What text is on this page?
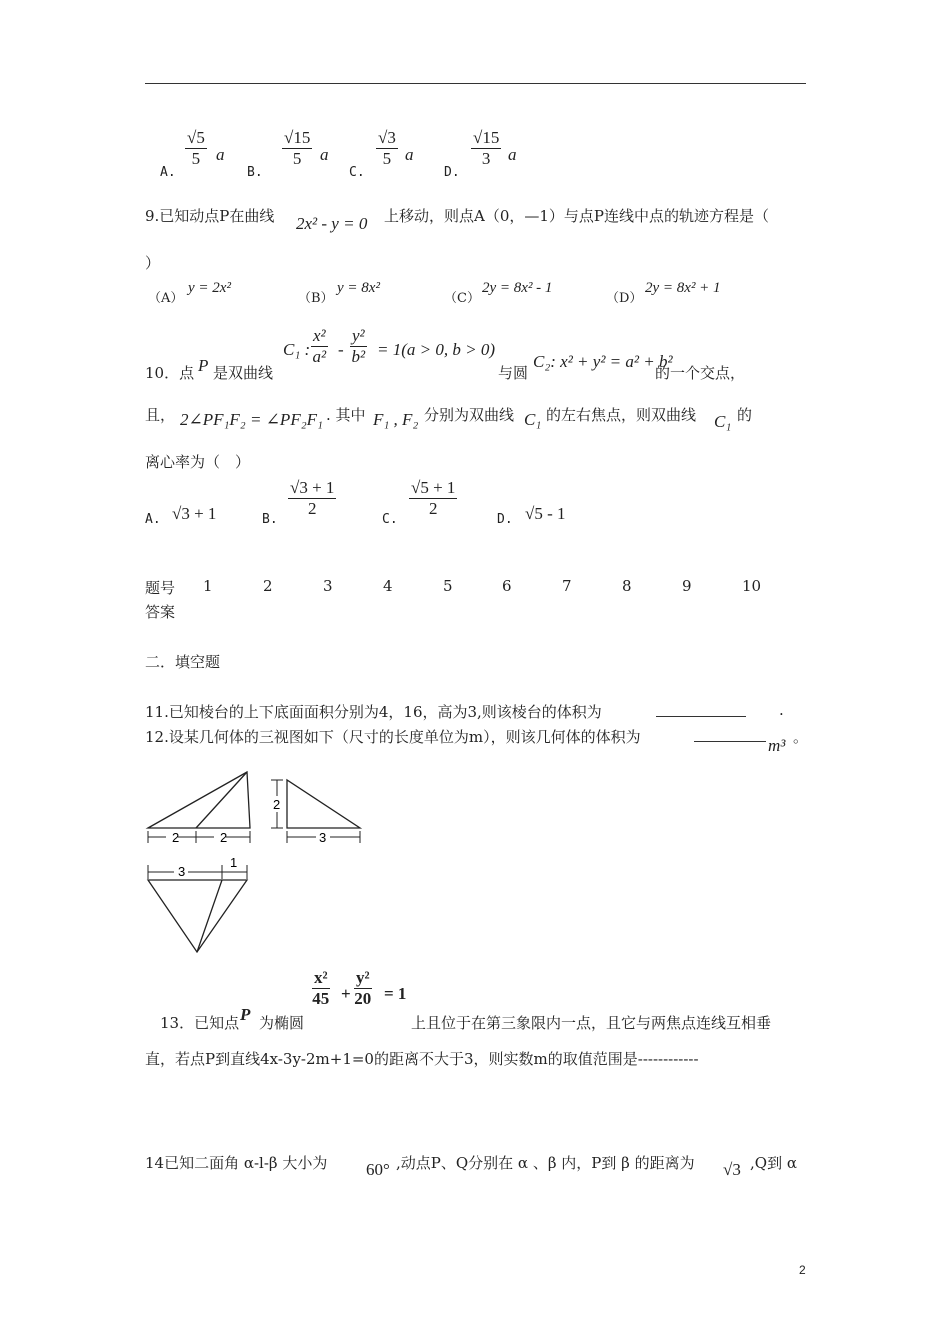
A.
$\frac{√5}{5}$ a
B.
$\frac{√15}{5}$ a
C.
$\frac{√3}{5}$ a
D.
$\frac{√15}{3}$ a
9.已知动点P在曲线 2x² - y = 0 上移动，则点A（0，—1）与点P连线中点的轨迹方程是（
）
（A）
y = 2x²
（B）
y = 8x²
（C）
2y = 8x² - 1
（D）
2y = 8x² + 1
10．点 P 是双曲线
C₁ : $\frac{\text{x²}}{\text{a²}} - \frac{\text{y²}}{\text{b²}} = 1(a > 0$, b > 0)
与圆
C₂: x² + y² = a² + b²
的一个交点，
且， 2∠PF₁F₂ = ∠PF₂F₁ . 其中 F₁ , F₂ 分别为双曲线 C₁ 的左右焦点，则双曲线 C₁ 的
离心率为（　）
A. √3 + 1	B.
$\frac{√3 + 1}{2}$
C.
$\frac{√5 + 1}{2}$
D. √5 - 1
题号 1	2	3	4	5	6	7	8	9	10
答案
二．填空题
11.已知棱台的上下底面面积分别为4，16，高为3,则该棱台的体积为	.
12.设某几何体的三视图如下（尺寸的长度单位为m），则该几何体的体积为	m³ 。
2	2
2
3
3
1
13．已知点 P 为椭圆
$\frac{\text{x²}}{45} + \frac{\text{y²}}{20} = 1$
上且位于在第三象限内一点，且它与两焦点连线互相垂
直，若点P到直线4x-3y-2m+1=0的距离不大于3，则实数m的取值范围是------------
14已知二面角 α-l-β 大小为 60° ,动点P、Q分别在 α 、β 内，P到 β 的距离为 √3 ,Q到 α
2
